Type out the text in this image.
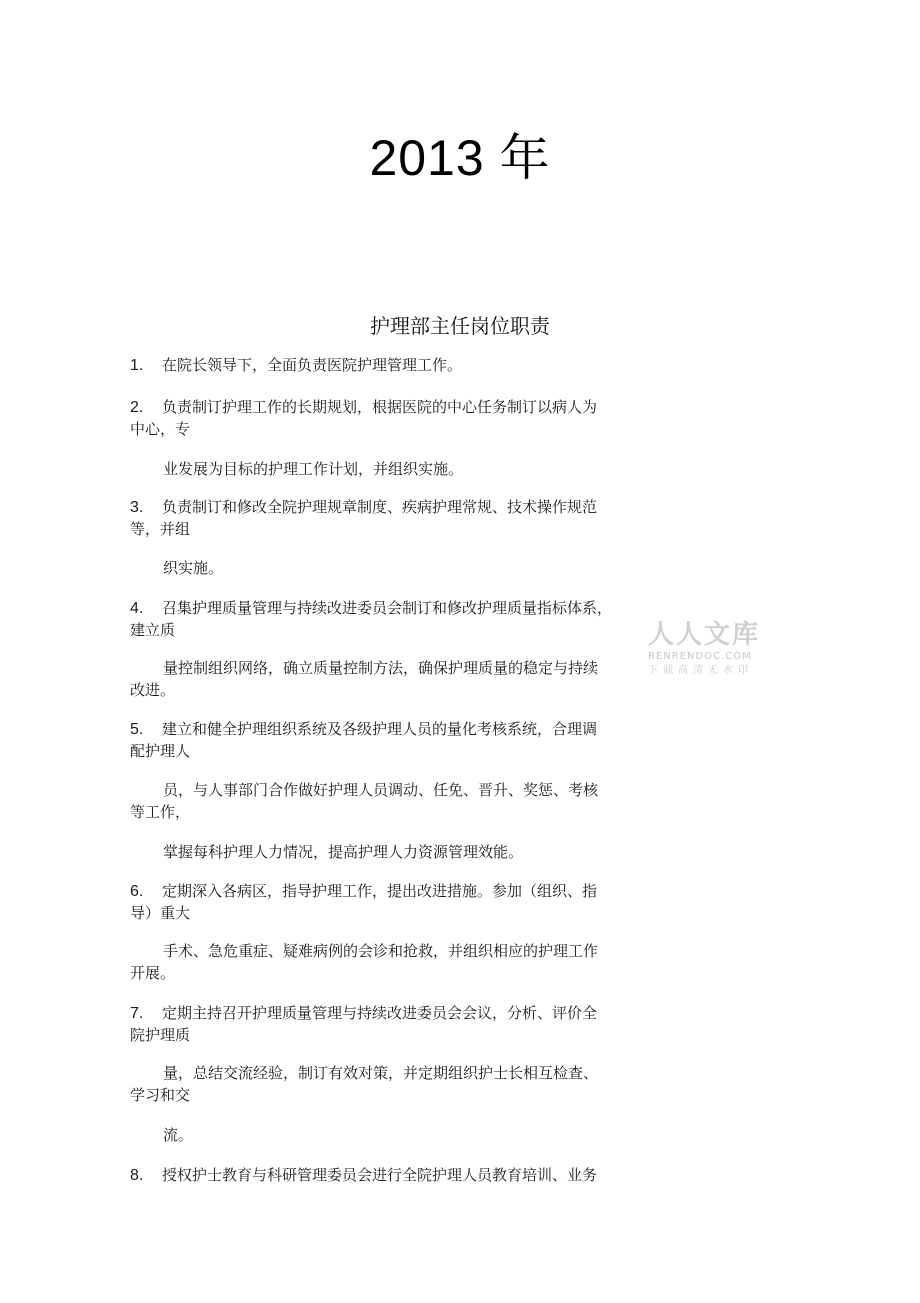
2013 年
护理部主任岗位职责
1. 在院长领导下，全面负责医院护理管理工作。
2. 负责制订护理工作的长期规划，根据医院的中心任务制订以病人为
中心，专
业发展为目标的护理工作计划，并组织实施。
3. 负责制订和修改全院护理规章制度、疾病护理常规、技术操作规范
等，并组
织实施。
4. 召集护理质量管理与持续改进委员会制订和修改护理质量指标体系，
建立质
量控制组织网络，确立质量控制方法，确保护理质量的稳定与持续
改进。
5. 建立和健全护理组织系统及各级护理人员的量化考核系统，合理调
配护理人
员，与人事部门合作做好护理人员调动、任免、晋升、奖惩、考核
等工作，
掌握每科护理人力情况，提高护理人力资源管理效能。
6. 定期深入各病区，指导护理工作，提出改进措施。参加（组织、指
导）重大
手术、急危重症、疑难病例的会诊和抢救，并组织相应的护理工作
开展。
7. 定期主持召开护理质量管理与持续改进委员会会议，分析、评价全
院护理质
量，总结交流经验，制订有效对策，并定期组织护士长相互检查、
学习和交
流。
8. 授权护士教育与科研管理委员会进行全院护理人员教育培训、业务
人人文库
RENRENDOC.COM
下载高清无水印
